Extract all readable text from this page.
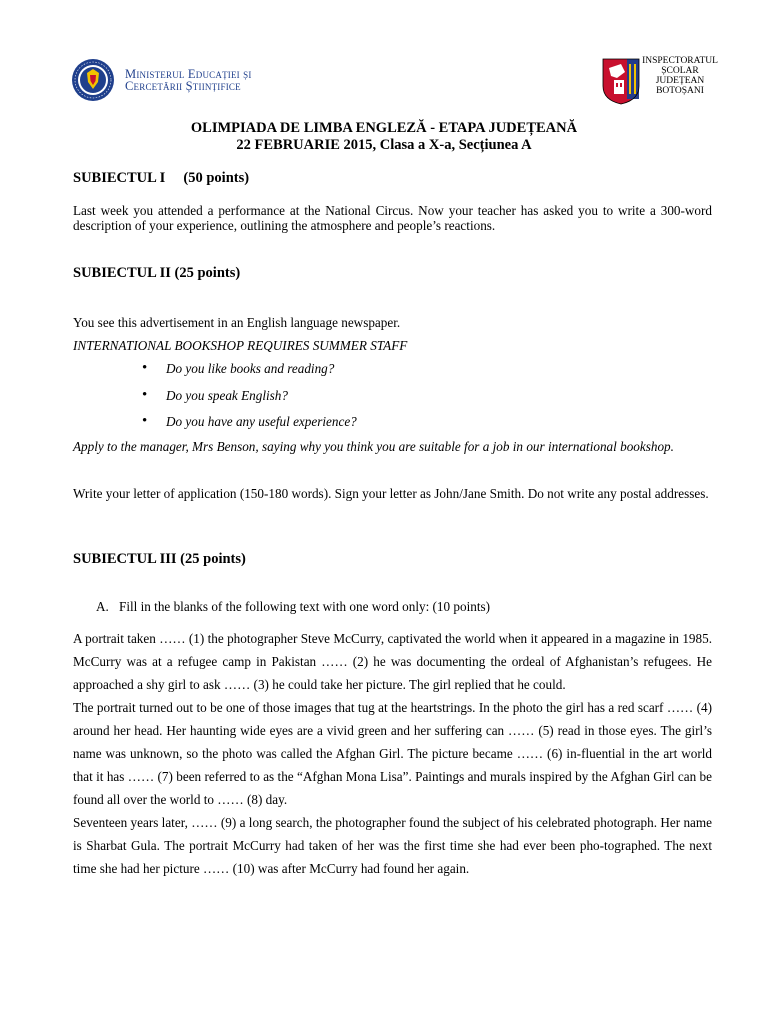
Ministerul Educației și
Cercetării Științifice
INSPECTORATUL
ȘCOLAR
JUDEȚEAN
BOTOȘANI
OLIMPIADA DE LIMBA ENGLEZĂ - ETAPA JUDEȚEANĂ
22 FEBRUARIE 2015, Clasa a X-a, Secțiunea A
SUBIECTUL I     (50 points)
Last week you attended a performance at the National Circus. Now your teacher has asked you to write a 300-word description of your experience, outlining the atmosphere and people’s reactions.
SUBIECTUL II (25 points)
You see this advertisement in an English language newspaper.
INTERNATIONAL BOOKSHOP REQUIRES SUMMER STAFF
• Do you like books and reading?
• Do you speak English?
• Do you have any useful experience?
Apply to the manager, Mrs Benson, saying why you think you are suitable for a job in our international bookshop.
Write your letter of application (150-180 words). Sign your letter as John/Jane Smith. Do not write any postal addresses.
SUBIECTUL III (25 points)
A. Fill in the blanks of the following text with one word only: (10 points)
A portrait taken …… (1) the photographer Steve McCurry, captivated the world when it appeared in a magazine in 1985. McCurry was at a refugee camp in Pakistan …… (2) he was documenting the ordeal of Afghanistan’s refugees. He approached a shy girl to ask …… (3) he could take her picture. The girl replied that he could.
The portrait turned out to be one of those images that tug at the heartstrings. In the photo the girl has a red scarf …… (4) around her head. Her haunting wide eyes are a vivid green and her suffering can …… (5) read in those eyes. The girl’s name was unknown, so the photo was called the Afghan Girl. The picture became …… (6) in-fluential in the art world that it has …… (7) been referred to as the “Afghan Mona Lisa”. Paintings and murals inspired by the Afghan Girl can be found all over the world to …… (8) day.
Seventeen years later, …… (9) a long search, the photographer found the subject of his celebrated photograph. Her name is Sharbat Gula. The portrait McCurry had taken of her was the first time she had ever been pho-tographed. The next time she had her picture …… (10) was after McCurry had found her again.
